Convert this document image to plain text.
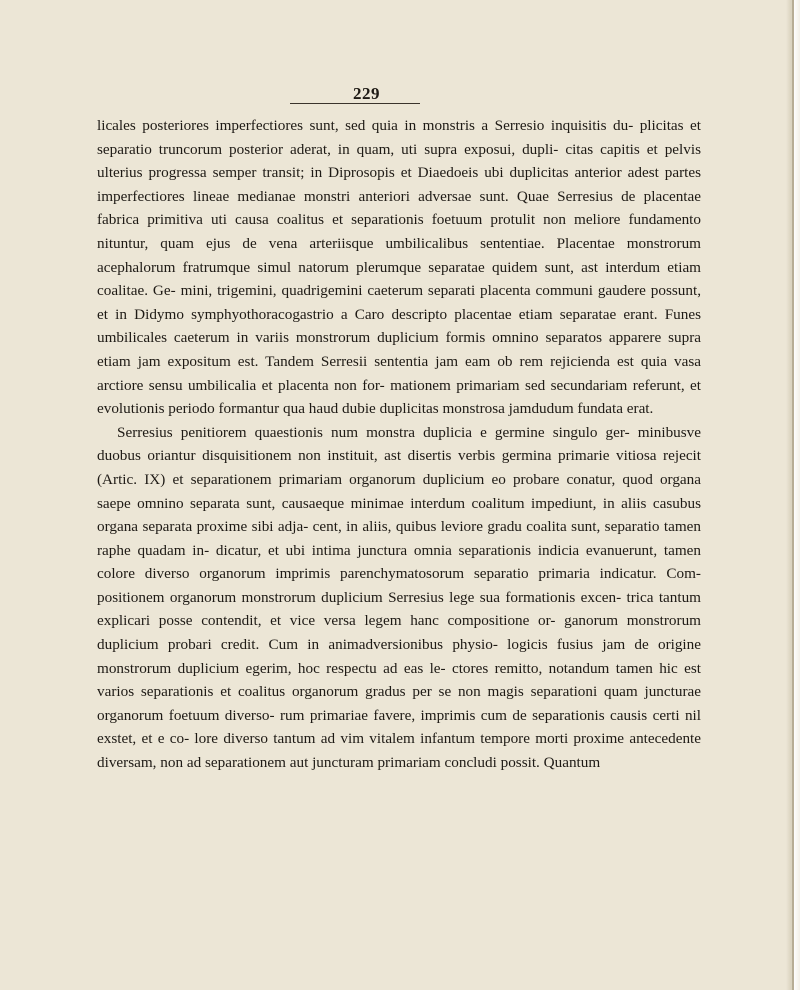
229

licales posteriores imperfectiores sunt, sed quia in monstris a Serresio inquisitis du- plicitas et separatio truncorum posterior aderat, in quam, uti supra exposui, dupli- citas capitis et pelvis ulterius progressa semper transit; in Diprosopis et Diaedoeis ubi duplicitas anterior adest partes imperfectiores lineae medianae monstri anteriori adversae sunt. Quae Serresius de placentae fabrica primitiva uti causa coalitus et separationis foetuum protulit non meliore fundamento nituntur, quam ejus de vena arteriisque umbilicalibus sententiae. Placentae monstrorum acephalorum fratrumque simul natorum plerumque separatae quidem sunt, ast interdum etiam coalitae. Ge- mini, trigemini, quadrigemini caeterum separati placenta communi gaudere possunt, et in Didymo symphyothoracogastrio a Caro descripto placentae etiam separatae erant. Funes umbilicales caeterum in variis monstrorum duplicium formis omnino separatos apparere supra etiam jam expositum est. Tandem Serresii sententia jam eam ob rem rejicienda est quia vasa arctiore sensu umbilicalia et placenta non for- mationem primariam sed secundariam referunt, et evolutionis periodo formantur qua haud dubie duplicitas monstrosa jamdudum fundata erat.

Serresius penitiorem quaestionis num monstra duplicia e germine singulo ger- minibusve duobus oriantur disquisitionem non instituit, ast disertis verbis germina primarie vitiosa rejecit (Artic. IX) et separationem primariam organorum duplicium eo probare conatur, quod organa saepe omnino separata sunt, causaeque minimae interdum coalitum impediunt, in aliis casubus organa separata proxime sibi adja- cent, in aliis, quibus leviore gradu coalita sunt, separatio tamen raphe quadam in- dicatur, et ubi intima junctura omnia separationis indicia evanuerunt, tamen colore diverso organorum imprimis parenchymatosorum separatio primaria indicatur. Com- positionem organorum monstrorum duplicium Serresius lege sua formationis excen- trica tantum explicari posse contendit, et vice versa legem hanc compositione or- ganorum monstrorum duplicium probari credit. Cum in animadversionibus physio- logicis fusius jam de origine monstrorum duplicium egerim, hoc respectu ad eas le- ctores remitto, notandum tamen hic est varios separationis et coalitus organorum gradus per se non magis separationi quam juncturae organorum foetuum diverso- rum primariae favere, imprimis cum de separationis causis certi nil exstet, et e co- lore diverso tantum ad vim vitalem infantum tempore morti proxime antecedente diversam, non ad separationem aut juncturam primariam concludi possit. Quantum
